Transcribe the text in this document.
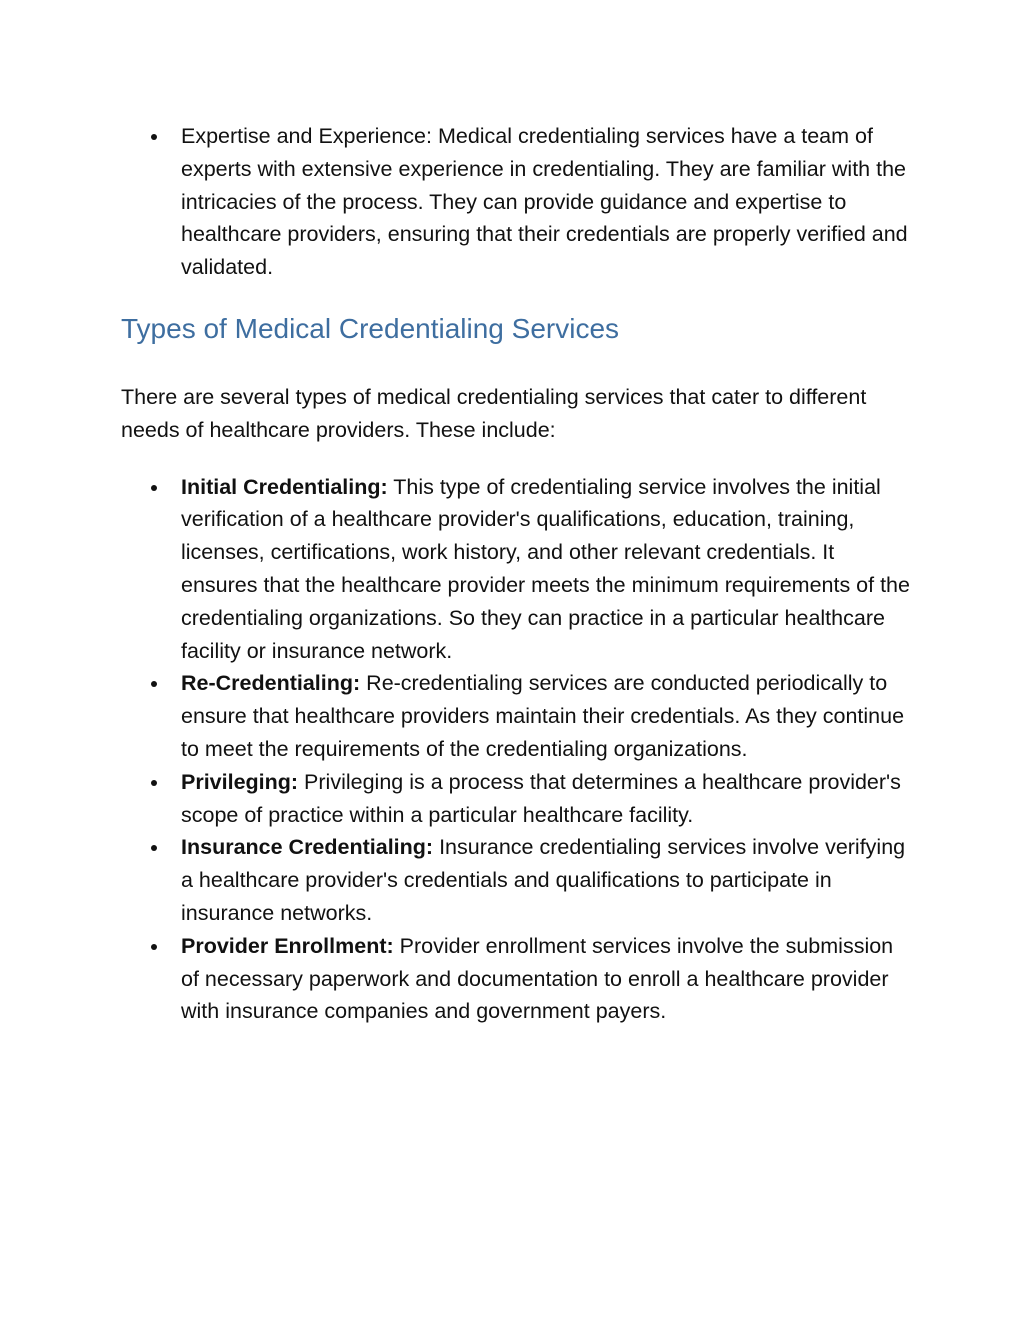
Expertise and Experience: Medical credentialing services have a team of experts with extensive experience in credentialing. They are familiar with the intricacies of the process. They can provide guidance and expertise to healthcare providers, ensuring that their credentials are properly verified and validated.
Types of Medical Credentialing Services

There are several types of medical credentialing services that cater to different needs of healthcare providers. These include:

Initial Credentialing: This type of credentialing service involves the initial verification of a healthcare provider's qualifications, education, training, licenses, certifications, work history, and other relevant credentials. It ensures that the healthcare provider meets the minimum requirements of the credentialing organizations. So they can practice in a particular healthcare facility or insurance network.
Re-Credentialing: Re-credentialing services are conducted periodically to ensure that healthcare providers maintain their credentials. As they continue to meet the requirements of the credentialing organizations.
Privileging: Privileging is a process that determines a healthcare provider's scope of practice within a particular healthcare facility.
Insurance Credentialing: Insurance credentialing services involve verifying a healthcare provider's credentials and qualifications to participate in insurance networks.
Provider Enrollment: Provider enrollment services involve the submission of necessary paperwork and documentation to enroll a healthcare provider with insurance companies and government payers.
